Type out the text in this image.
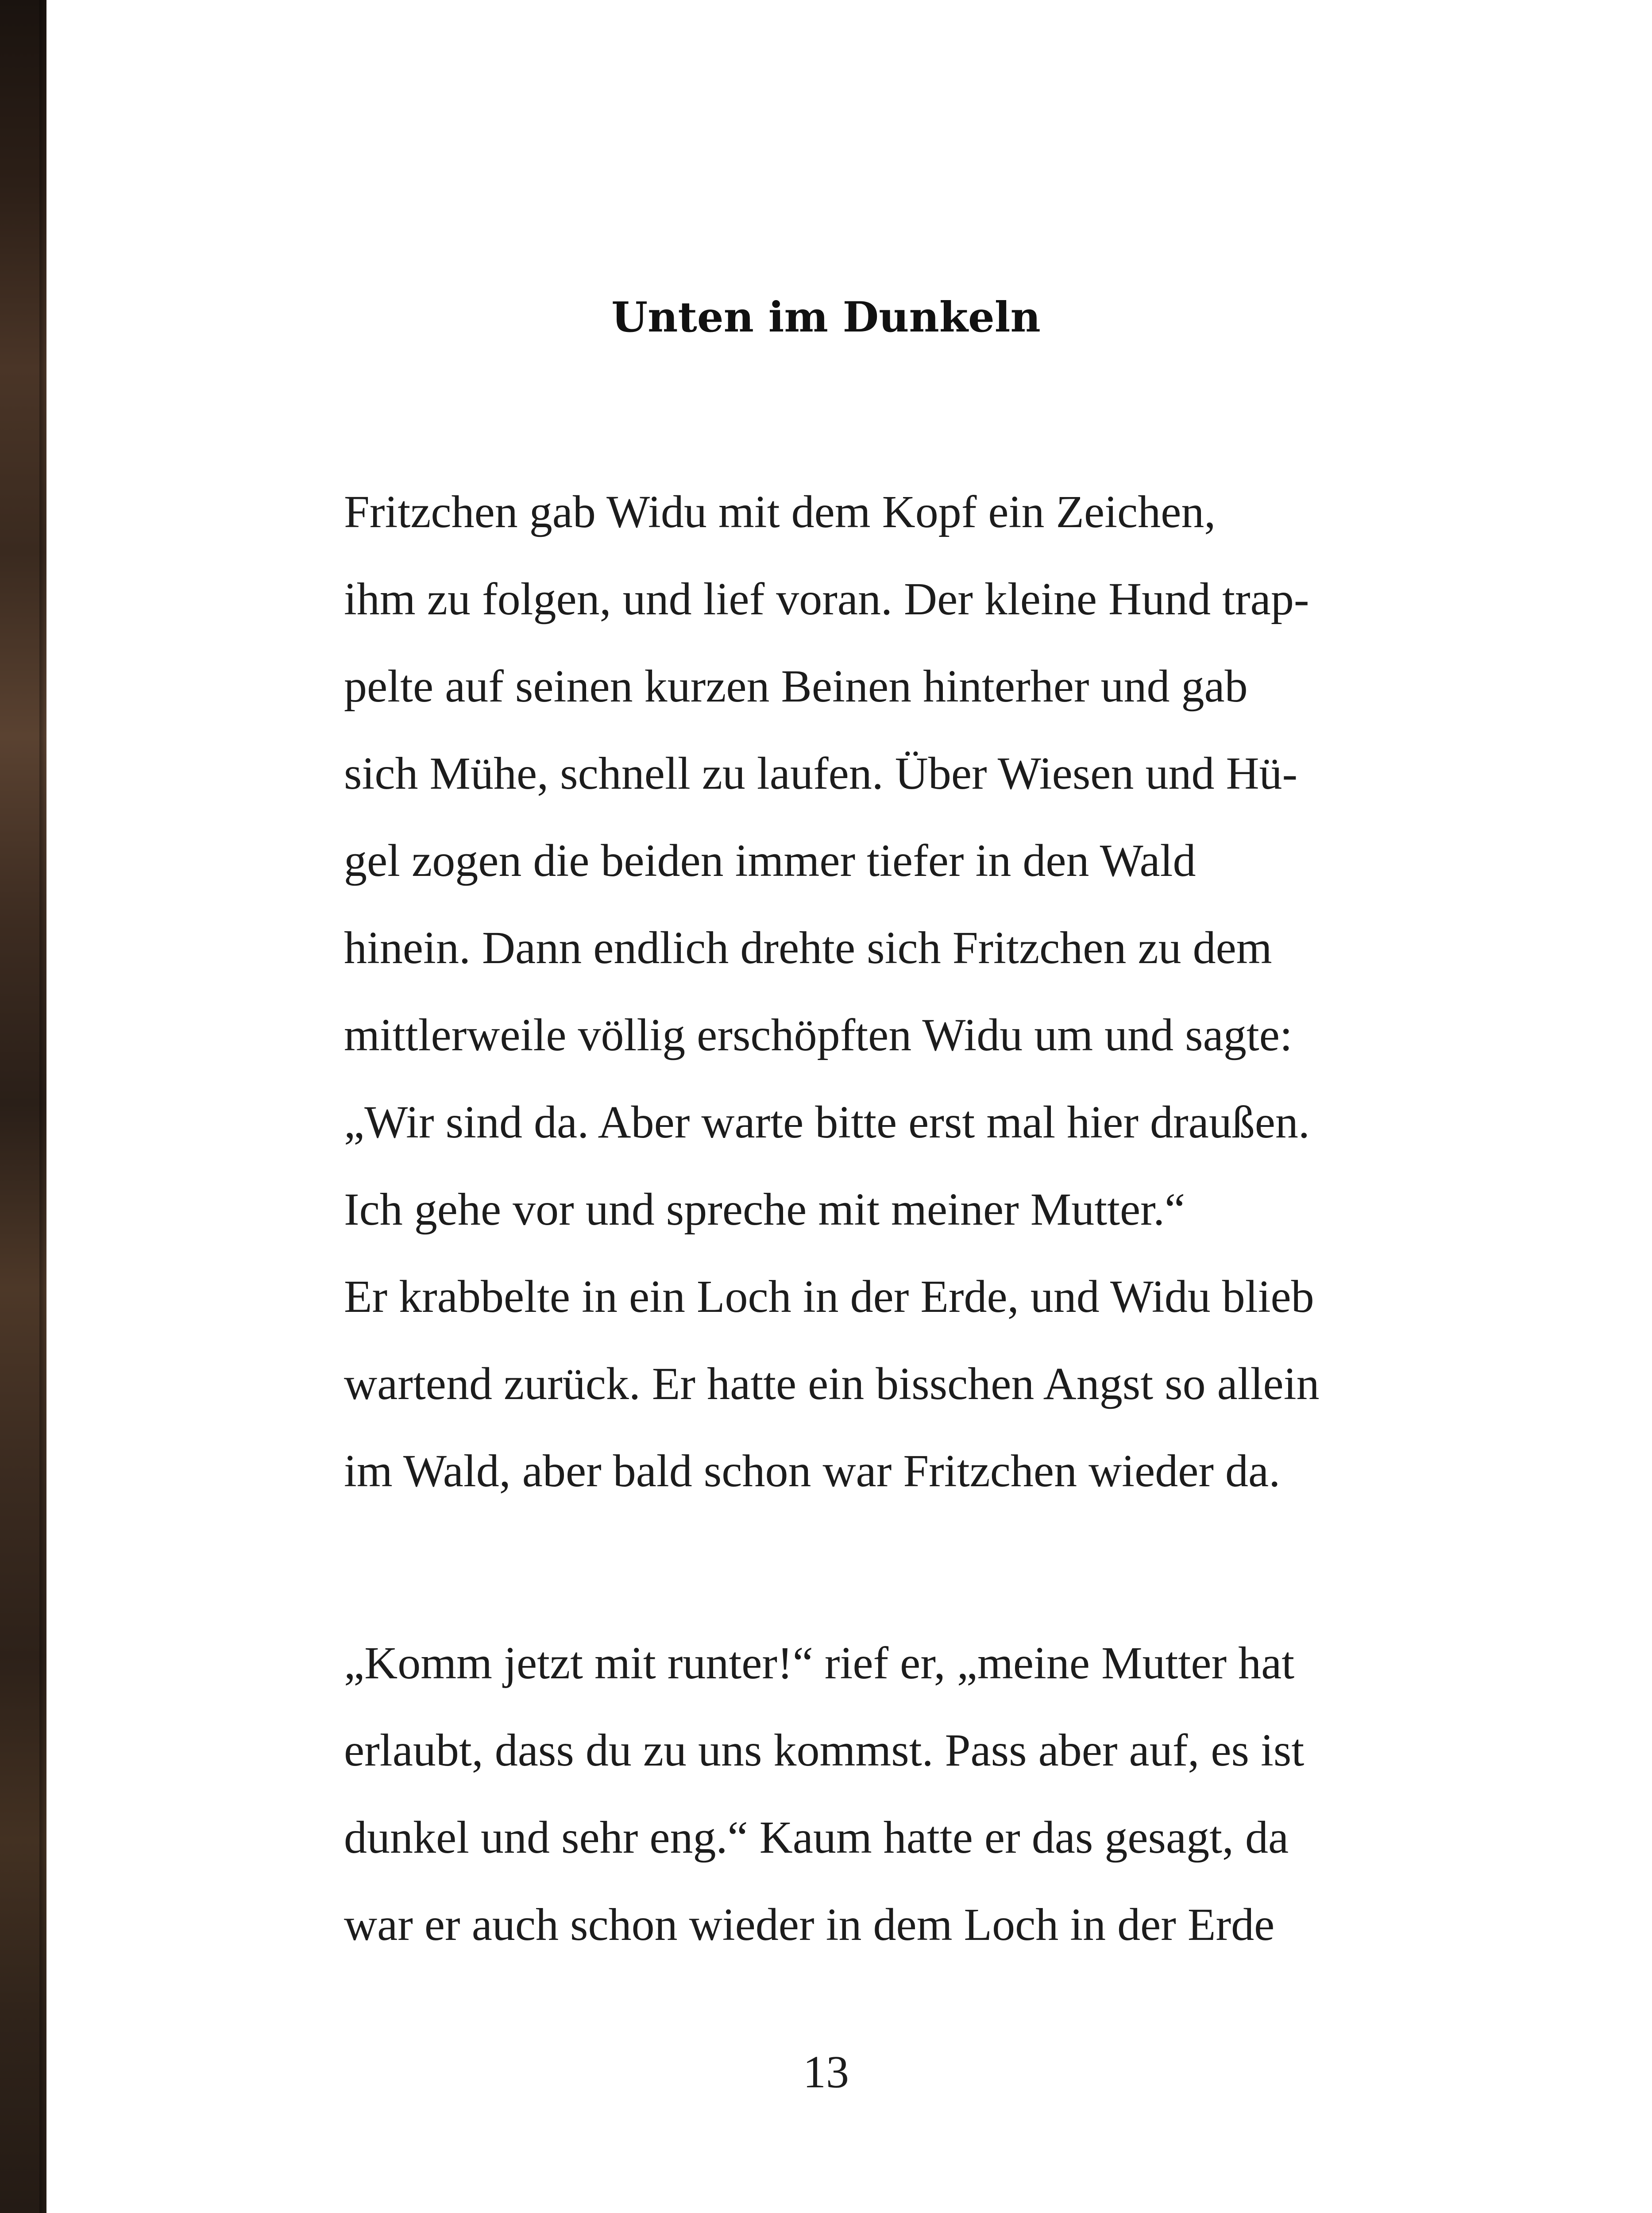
Unten im Dunkeln
Fritzchen gab Widu mit dem Kopf ein Zeichen,
ihm zu folgen, und lief voran. Der kleine Hund trap-
pelte auf seinen kurzen Beinen hinterher und gab
sich Mühe, schnell zu laufen. Über Wiesen und Hü-
gel zogen die beiden immer tiefer in den Wald
hinein. Dann endlich drehte sich Fritzchen zu dem
mittlerweile völlig erschöpften Widu um und sagte:
„Wir sind da. Aber warte bitte erst mal hier draußen.
Ich gehe vor und spreche mit meiner Mutter.“
Er krabbelte in ein Loch in der Erde, und Widu blieb
wartend zurück. Er hatte ein bisschen Angst so allein
im Wald, aber bald schon war Fritzchen wieder da.
„Komm jetzt mit runter!“ rief er, „meine Mutter hat
erlaubt, dass du zu uns kommst. Pass aber auf, es ist
dunkel und sehr eng.“ Kaum hatte er das gesagt, da
war er auch schon wieder in dem Loch in der Erde
13
